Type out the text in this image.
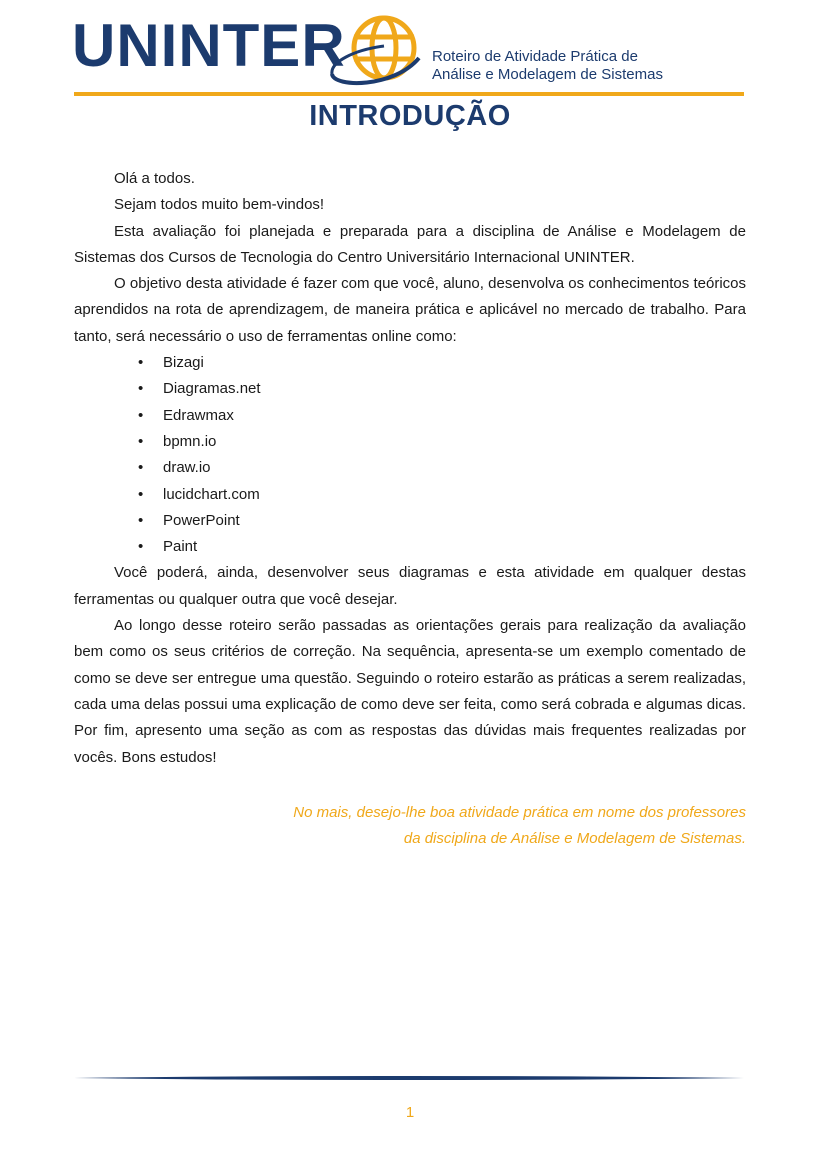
UNINTER	Roteiro de Atividade Prática de
Análise e Modelagem de Sistemas
INTRODUÇÃO

Olá a todos.

Sejam todos muito bem-vindos!

Esta avaliação foi planejada e preparada para a disciplina de Análise e Modelagem de Sistemas dos Cursos de Tecnologia do Centro Universitário Internacional UNINTER.

O objetivo desta atividade é fazer com que você, aluno, desenvolva os conhecimentos teóricos aprendidos na rota de aprendizagem, de maneira prática e aplicável no mercado de trabalho. Para tanto, será necessário o uso de ferramentas online como:

• Bizagi
• Diagramas.net
• Edrawmax
• bpmn.io
• draw.io
• lucidchart.com
• PowerPoint
• Paint

Você poderá, ainda, desenvolver seus diagramas e esta atividade em qualquer destas ferramentas ou qualquer outra que você desejar.

Ao longo desse roteiro serão passadas as orientações gerais para realização da avaliação bem como os seus critérios de correção. Na sequência, apresenta-se um exemplo comentado de como se deve ser entregue uma questão. Seguindo o roteiro estarão as práticas a serem realizadas, cada uma delas possui uma explicação de como deve ser feita, como será cobrada e algumas dicas. Por fim, apresento uma seção as com as respostas das dúvidas mais frequentes realizadas por vocês. Bons estudos!

No mais, desejo-lhe boa atividade prática em nome dos professores
da disciplina de Análise e Modelagem de Sistemas.
1
